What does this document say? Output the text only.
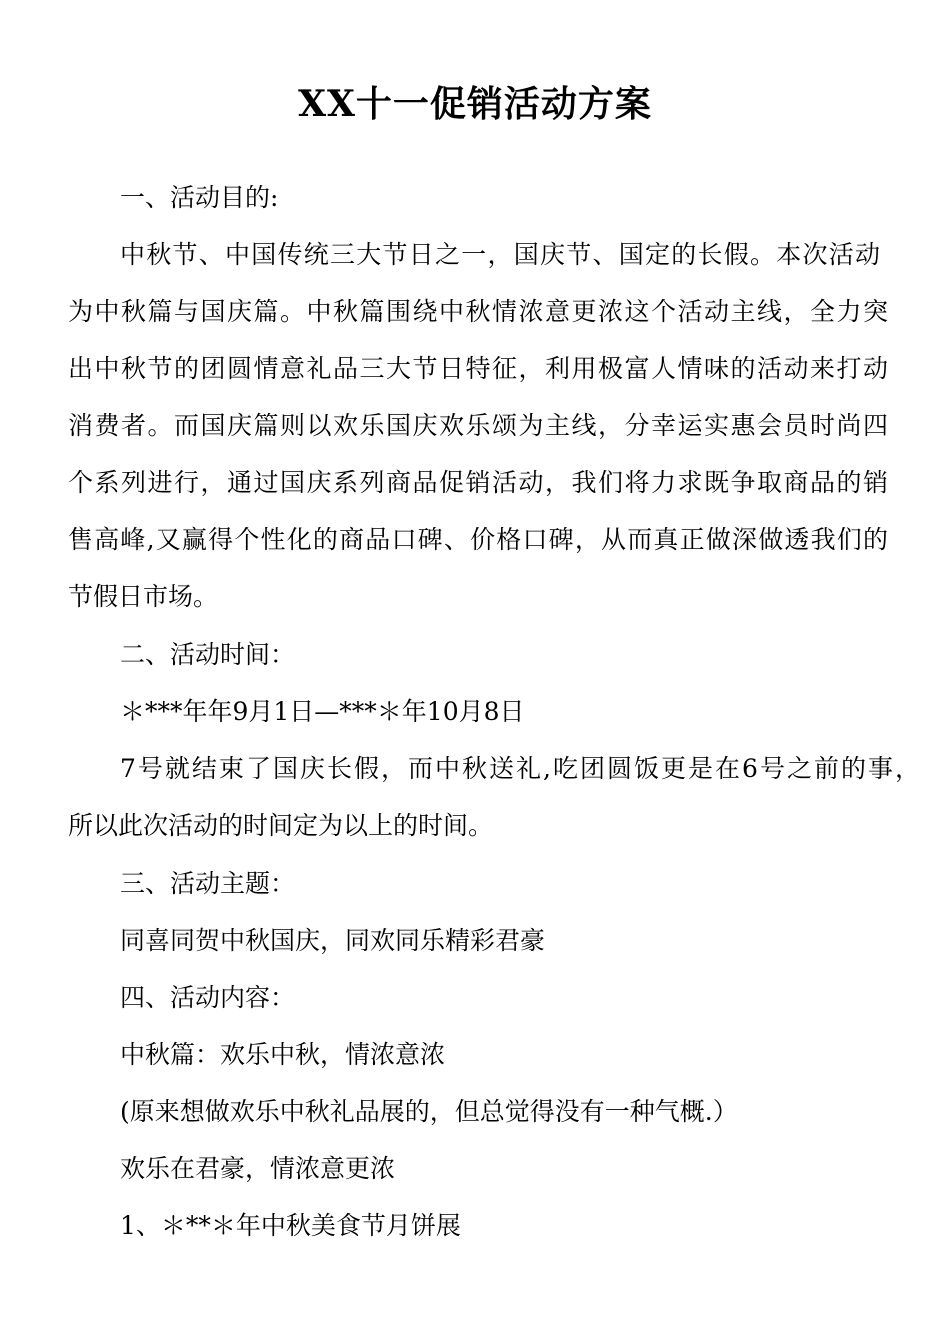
XX十一促销活动方案
一、活动目的:
中秋节、中国传统三大节日之一，国庆节、国定的长假。本次活动
为中秋篇与国庆篇。中秋篇围绕中秋情浓意更浓这个活动主线，全力突
出中秋节的团圆情意礼品三大节日特征，利用极富人情味的活动来打动
消费者。而国庆篇则以欢乐国庆欢乐颂为主线，分幸运实惠会员时尚四
个系列进行，通过国庆系列商品促销活动，我们将力求既争取商品的销
售高峰,又赢得个性化的商品口碑、价格口碑，从而真正做深做透我们的
节假日市场。
二、活动时间：
＊***年年9月1日—***＊年10月8日
7号就结束了国庆长假，而中秋送礼,吃团圆饭更是在6号之前的事，
所以此次活动的时间定为以上的时间。
三、活动主题：
同喜同贺中秋国庆，同欢同乐精彩君豪
四、活动内容：
中秋篇：欢乐中秋，情浓意浓
(原来想做欢乐中秋礼品展的，但总觉得没有一种气概.）
欢乐在君豪，情浓意更浓
1、＊**＊年中秋美食节月饼展
